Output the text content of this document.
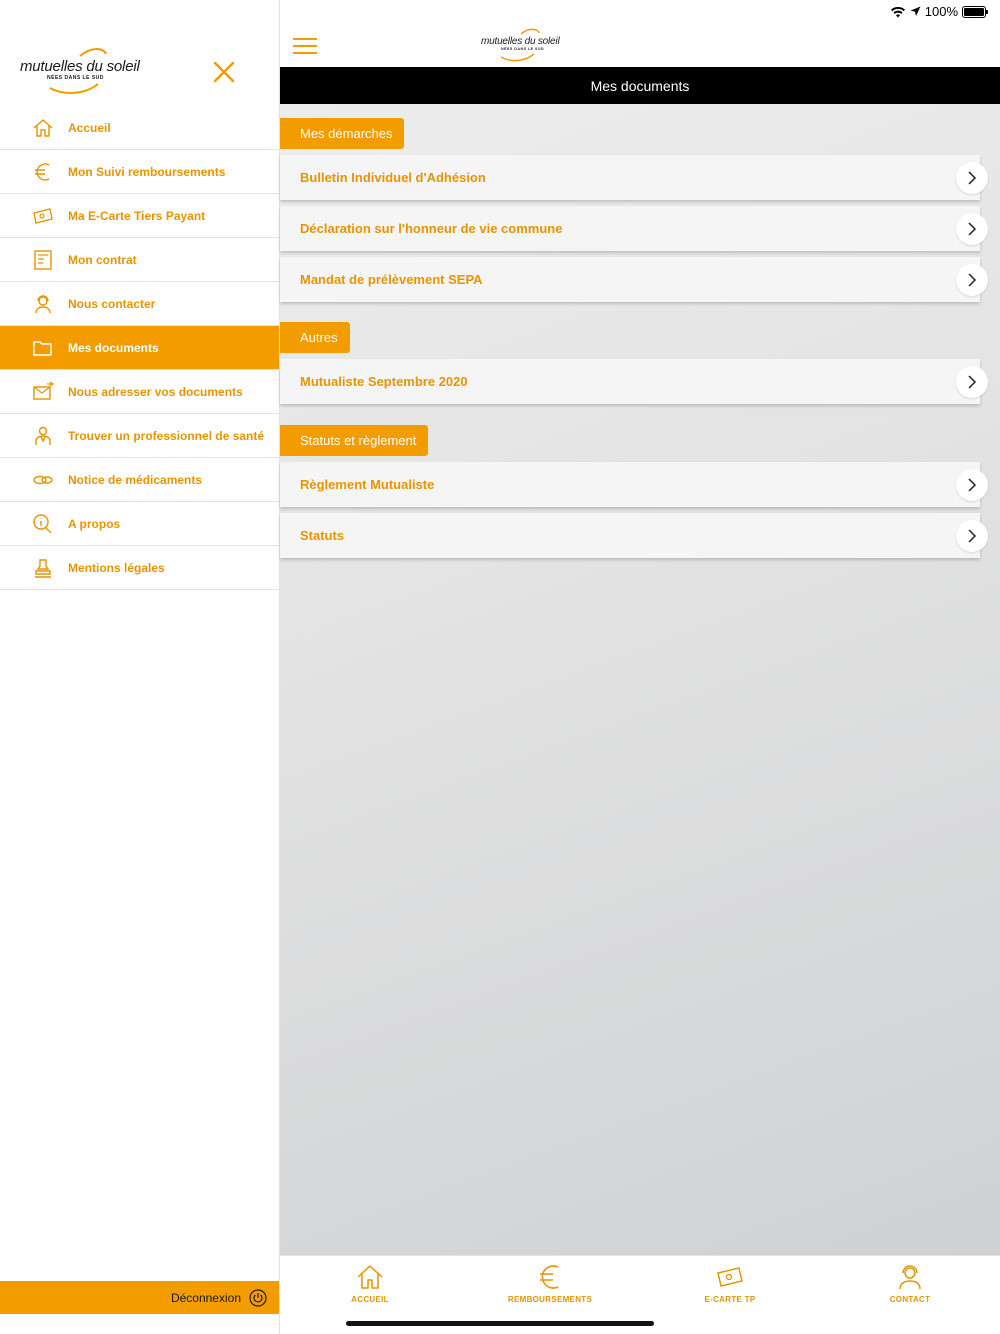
100%
mutuelles du soleil
NÉES DANS LE SUD
Accueil
Mon Suivi remboursements
Ma E-Carte Tiers Payant
Mon contrat
Nous contacter
Mes documents
Nous adresser vos documents
Trouver un professionnel de santé
Notice de médicaments
A propos
Mentions légales
Déconnexion
mutuelles du soleil
NÉES DANS LE SUD
Mes documents
Mes démarches
Bulletin Individuel d'Adhésion
Déclaration sur l'honneur de vie commune
Mandat de prélèvement SEPA
Autres
Mutualiste Septembre 2020
Statuts et règlement
Règlement Mutualiste
Statuts
ACCUEIL	REMBOURSEMENTS	E-CARTE TP	CONTACT
